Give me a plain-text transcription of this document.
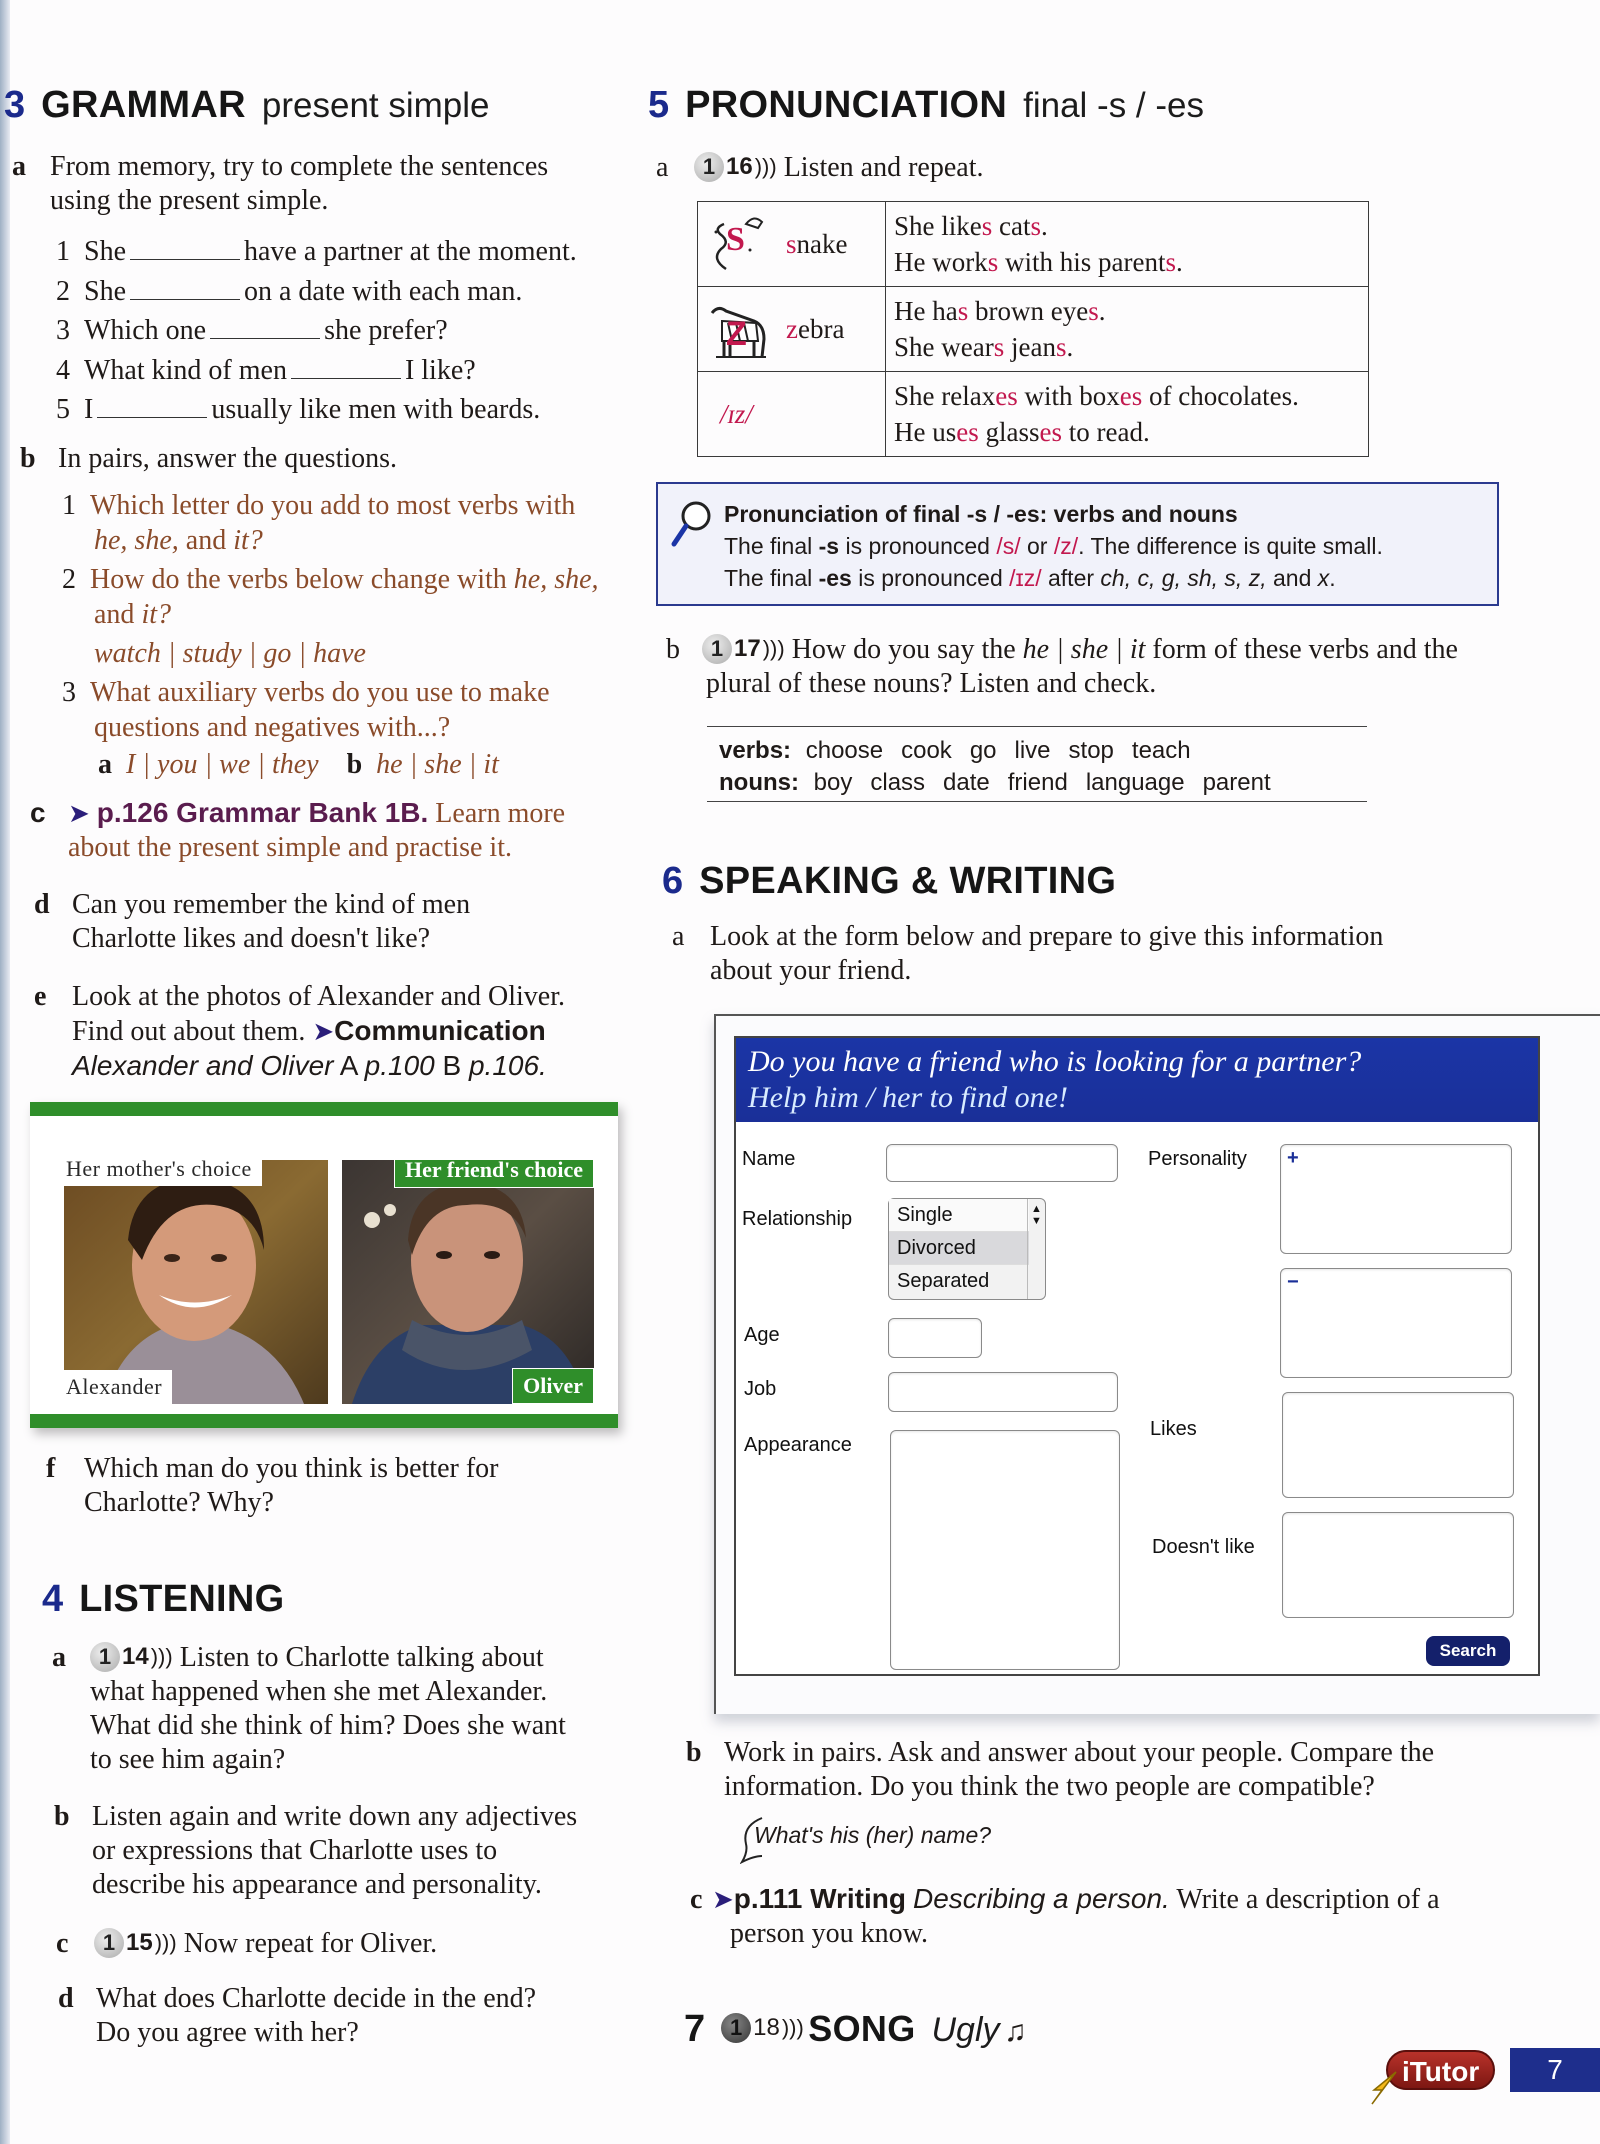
3 GRAMMAR present simple
a From memory, try to complete the sentences
using the present simple.
1 She	have a partner at the moment.
2 She	on a date with each man.
3 Which one	she prefer?
4 What kind of men	I like?
5 I	usually like men with beards.
b In pairs, answer the questions.
1 Which letter do you add to most verbs with
he, she, and it?
2 How do the verbs below change with he, she,
and it?
watch | study | go | have
3 What auxiliary verbs do you use to make
questions and negatives with...?
a I | you | we | they b he | she | it
c ➤ p.126 Grammar Bank 1B. Learn more
about the present simple and practise it.
d Can you remember the kind of men
Charlotte likes and doesn't like?
e Look at the photos of Alexander and Oliver.
Find out about them. ➤Communication
Alexander and Oliver A p.100 B p.106.
Her mother's choice
Alexander
Her friend's choice
Oliver
f Which man do you think is better for
Charlotte? Why?
4 LISTENING
a 1 14))) Listen to Charlotte talking about
what happened when she met Alexander.
What did she think of him? Does she want
to see him again?
b Listen again and write down any adjectives
or expressions that Charlotte uses to
describe his appearance and personality.
c 1 15))) Now repeat for Oliver.
d What does Charlotte decide in the end?
Do you agree with her?
5 PRONUNCIATION final -s / -es
a 1 16))) Listen and repeat.
S snake

She likes cats.
He works with his parents.

Z zebra

He has brown eyes.
She wears jeans.

/ɪz/	She relaxes with boxes of chocolates.
He uses glasses to read.
Pronunciation of final -s / -es: verbs and nouns
The final -s is pronounced /s/ or /z/. The difference is quite small.
The final -es is pronounced /ɪz/ after ch, c, g, sh, s, z, and x.
b 1 17))) How do you say the he | she | it form of these verbs and the
plural of these nouns? Listen and check.
verbs: choose cook go live stop teach
nouns: boy class date friend language parent
6 SPEAKING & WRITING
a Look at the form below and prepare to give this information
about your friend.
Do you have a friend who is looking for a partner?
Help him / her to find one!
Name
Relationship	Single
Divorced
Separated
▲
▼
Age
Job
Appearance
Personality +
−
Likes
Doesn't like
Search
b Work in pairs. Ask and answer about your people. Compare the
information. Do you think the two people are compatible?
What's his (her) name?
c ➤p.111 Writing Describing a person. Write a description of a
person you know.
7 1 18))) SONG Ugly ♫
iTutor	7
